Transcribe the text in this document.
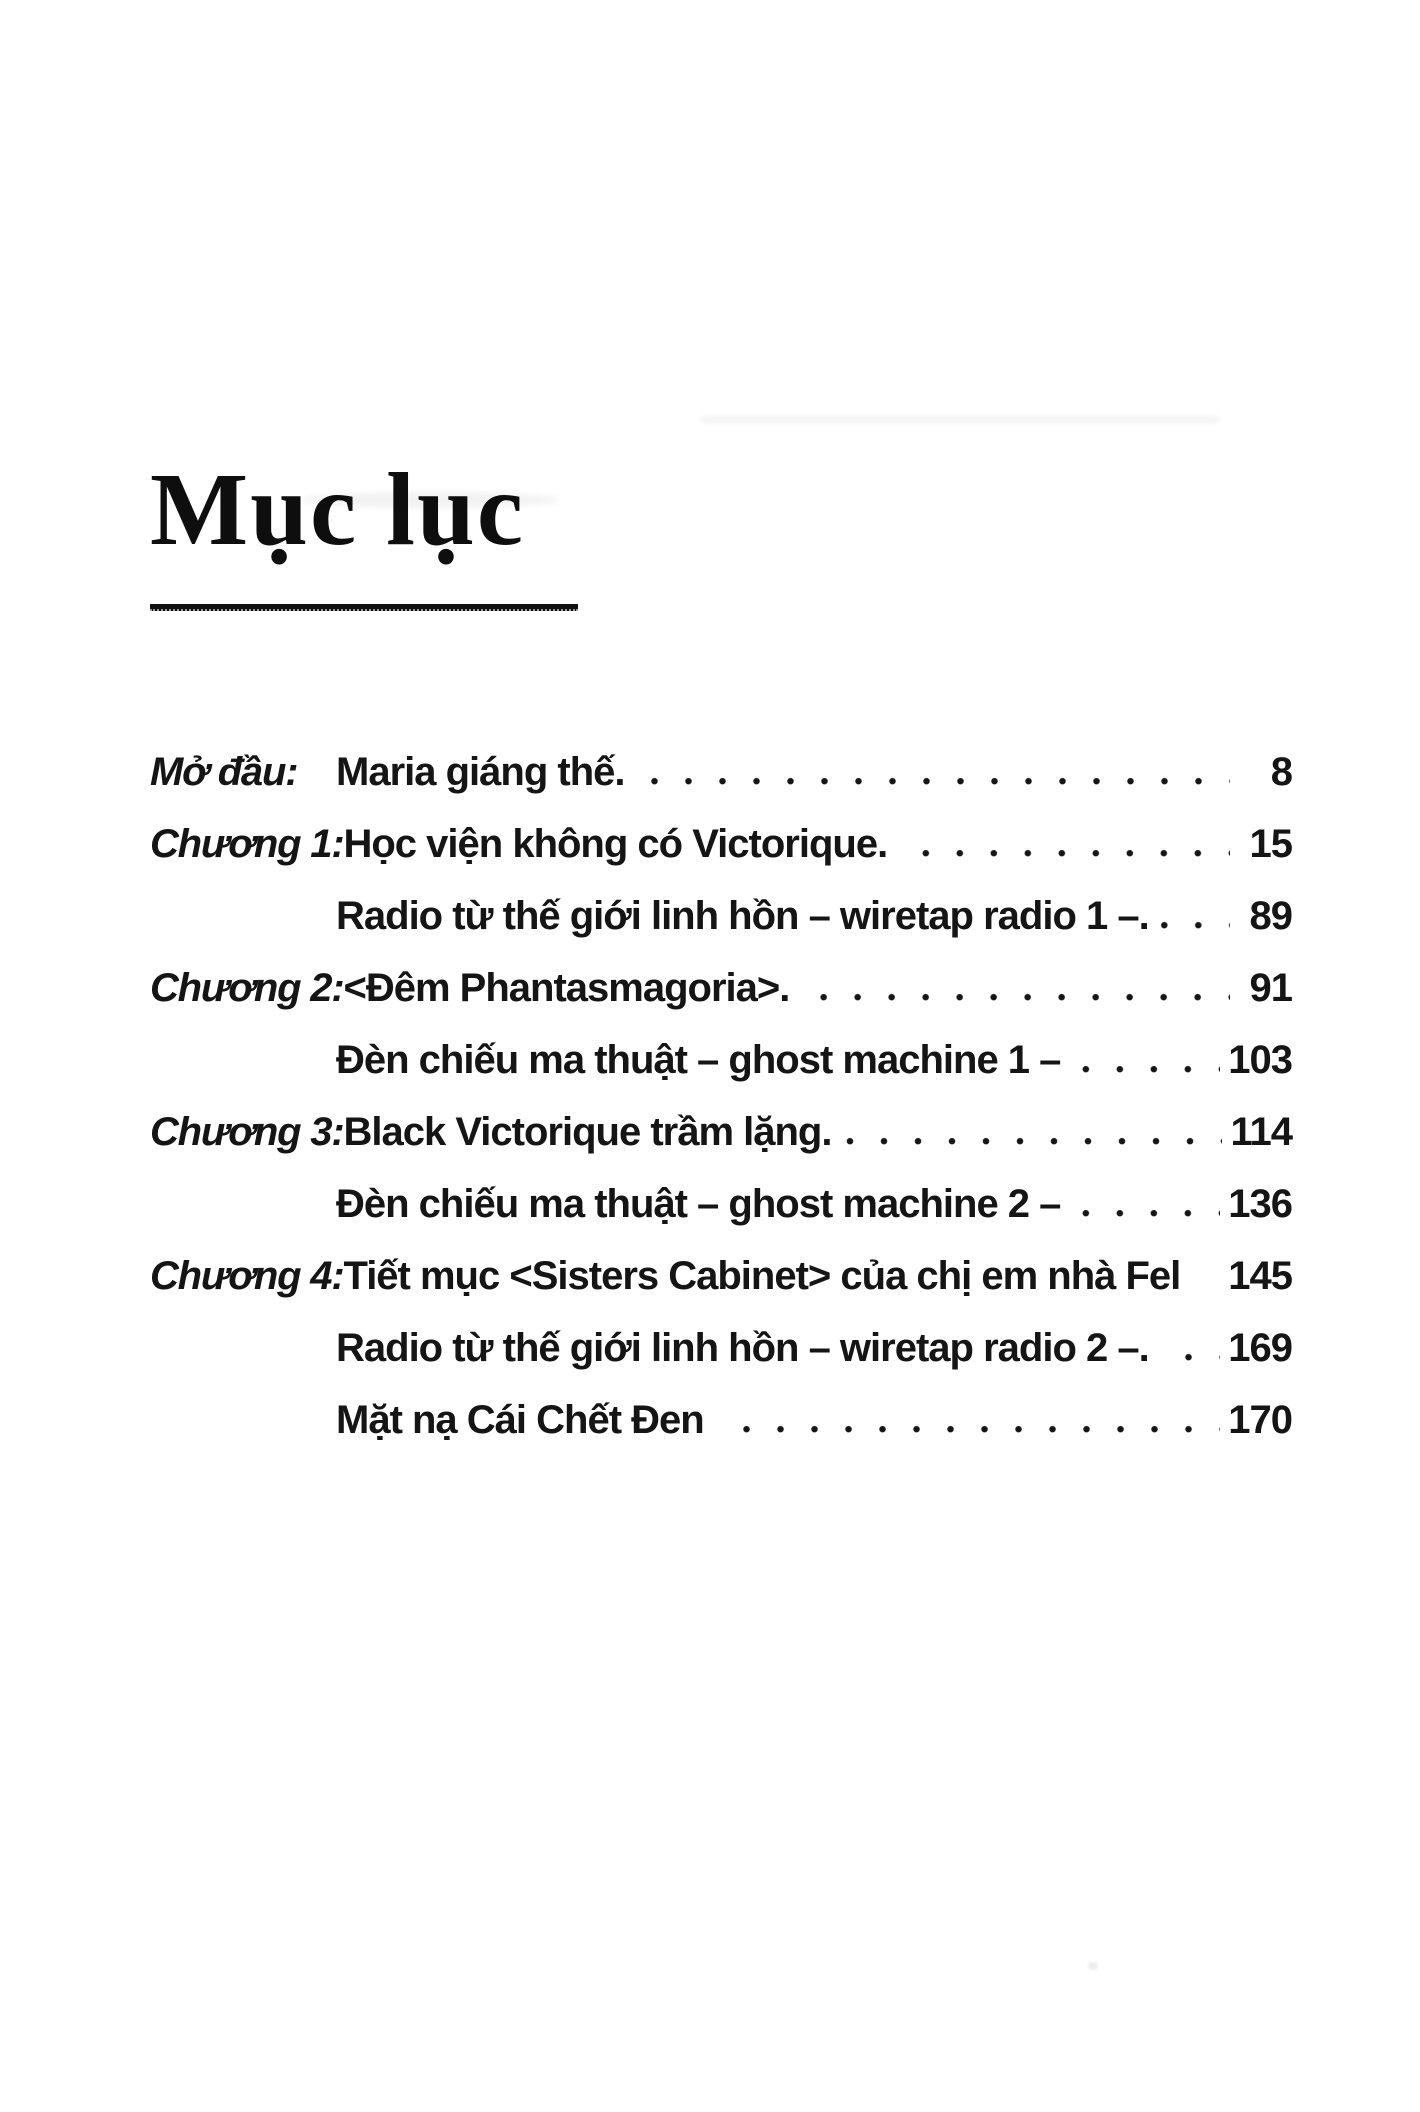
Mục lục
Mở đầu: Maria giáng thế.	8
Chương 1: Học viện không có Victorique.	15
Radio từ thế giới linh hồn – wiretap radio 1 –.	89
Chương 2: <Đêm Phantasmagoria>.	91
Đèn chiếu ma thuật – ghost machine 1 –	103
Chương 3: Black Victorique trầm lặng.	114
Đèn chiếu ma thuật – ghost machine 2 –	136
Chương 4: Tiết mục <Sisters Cabinet> của chị em nhà Fel 145
Radio từ thế giới linh hồn – wiretap radio 2 –. 169
Mặt nạ Cái Chết Đen	170
